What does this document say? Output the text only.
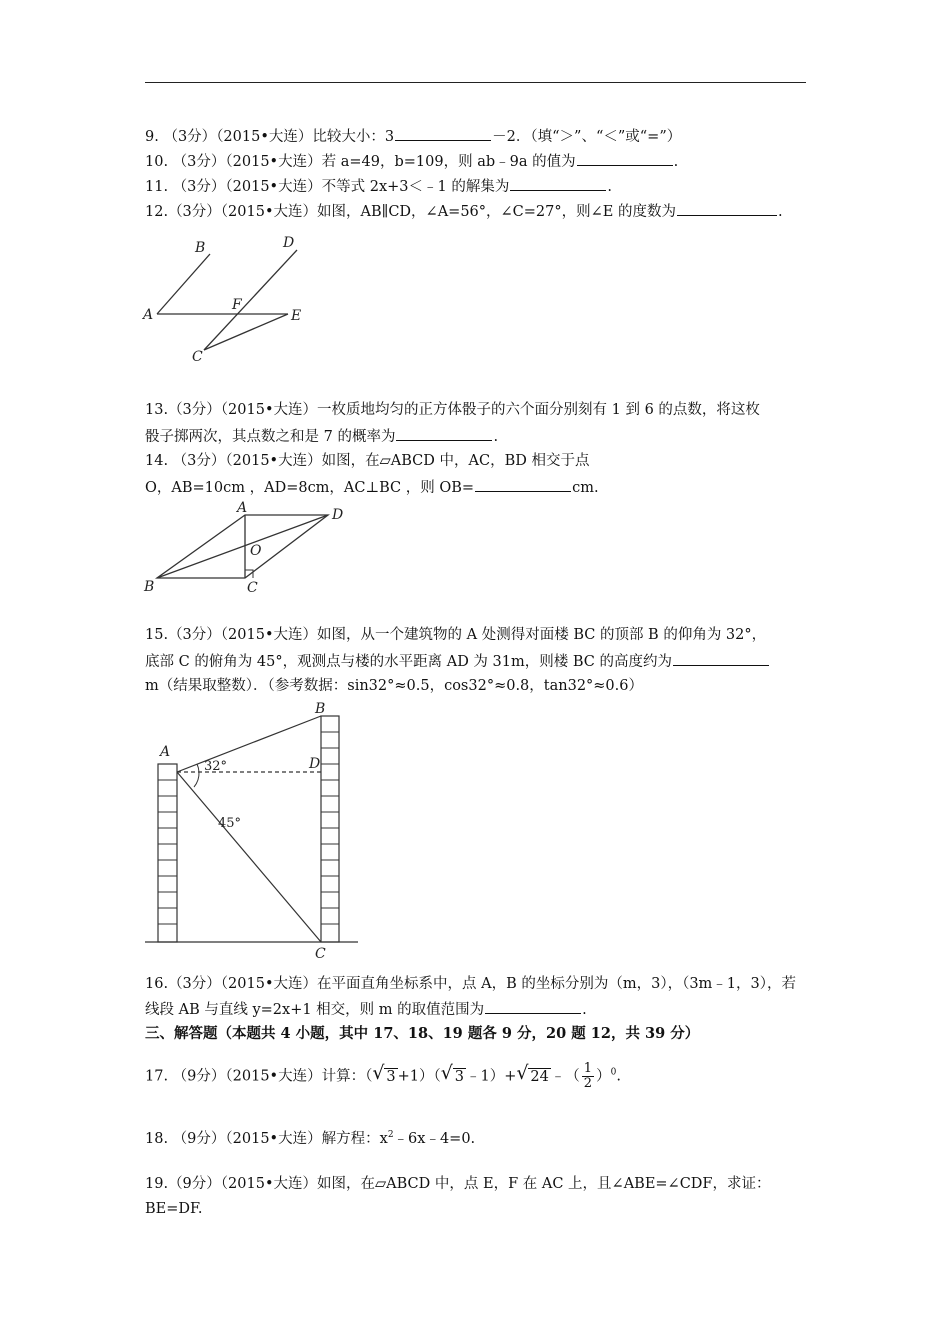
9. （3分）（2015•大连）比较大小：3	－2．（填“＞”、“＜”或“=”）
10. （3分）（2015•大连）若 a=49，b=109，则 ab﹣9a 的值为	.
11. （3分）（2015•大连）不等式 2x+3＜﹣1 的解集为	.
12.（3分）（2015•大连）如图，AB∥CD，∠A=56°，∠C=27°，则∠E 的度数为	.
A
B
C
D
E
F
13.（3分）（2015•大连）一枚质地均匀的正方体骰子的六个面分别刻有 1 到 6 的点数，将这枚
骰子掷两次，其点数之和是 7 的概率为	.
14. （3分）（2015•大连）如图，在▱ABCD 中，AC，BD 相交于点
O，AB=10cm ，AD=8cm，AC⊥BC ，则 OB=	cm.
A
B	C
D
O
15.（3分）（2015•大连）如图，从一个建筑物的 A 处测得对面楼 BC 的顶部 B 的仰角为 32°，
底部 C 的俯角为 45°，观测点与楼的水平距离 AD 为 31m，则楼 BC 的高度约为
m（结果取整数）．（参考数据：sin32°≈0.5，cos32°≈0.8，tan32°≈0.6）
A
B
C
D
32°
45°
16.（3分）（2015•大连）在平面直角坐标系中，点 A，B 的坐标分别为（m，3），（3m﹣1，3），若
线段 AB 与直线 y=2x+1 相交，则 m 的取值范围为	.
三、解答题（本题共 4 小题，其中 17、18、19 题各 9 分，20 题 12，共 39 分）
17. （9分）（2015•大连）计算：（ √ 3 +1）（ √ 3 ﹣1）+ √ 24 ﹣（ $\frac{1}{2} )^0$.
18. （9分）（2015•大连）解方程：$x^2﹣6x﹣4=0$.
19.（9分）（2015•大连）如图，在▱ABCD 中，点 E，F 在 AC 上，且∠ABE=∠CDF，求证：
BE=DF.
